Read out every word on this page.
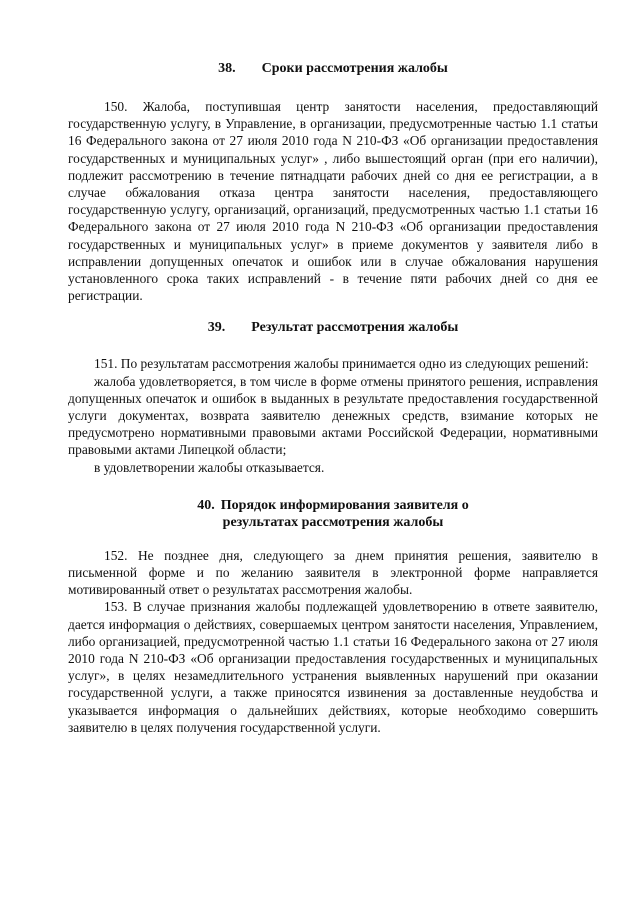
38. Сроки рассмотрения жалобы

150. Жалоба, поступившая центр занятости населения, предоставляющий государственную услугу, в Управление, в организации, предусмотренные частью 1.1 статьи 16 Федерального закона от 27 июля 2010 года N 210-ФЗ «Об организации предоставления государственных и муниципальных услуг» , либо вышестоящий орган (при его наличии), подлежит рассмотрению в течение пятнадцати рабочих дней со дня ее регистрации, а в случае обжалования отказа центра занятости населения, предоставляющего государственную услугу, организаций, организаций, предусмотренных частью 1.1 статьи 16 Федерального закона от 27 июля 2010 года N 210-ФЗ «Об организации предоставления государственных и муниципальных услуг» в приеме документов у заявителя либо в исправлении допущенных опечаток и ошибок или в случае обжалования нарушения установленного срока таких исправлений - в течение пяти рабочих дней со дня ее регистрации.

39. Результат рассмотрения жалобы

151. По результатам рассмотрения жалобы принимается одно из следующих решений:

жалоба удовлетворяется, в том числе в форме отмены принятого решения, исправления допущенных опечаток и ошибок в выданных в результате предоставления государственной услуги документах, возврата заявителю денежных средств, взимание которых не предусмотрено нормативными правовыми актами Российской Федерации, нормативными правовыми актами Липецкой области;

в удовлетворении жалобы отказывается.

40. Порядок информирования заявителя о

результатах рассмотрения жалобы

152. Не позднее дня, следующего за днем принятия решения, заявителю в письменной форме и по желанию заявителя в электронной форме направляется мотивированный ответ о результатах рассмотрения жалобы.

153. В случае признания жалобы подлежащей удовлетворению в ответе заявителю, дается информация о действиях, совершаемых центром занятости населения, Управлением, либо организацией, предусмотренной частью 1.1 статьи 16 Федерального закона от 27 июля 2010 года N 210-ФЗ «Об организации предоставления государственных и муниципальных услуг», в целях незамедлительного устранения выявленных нарушений при оказании государственной услуги, а также приносятся извинения за доставленные неудобства и указывается информация о дальнейших действиях, которые необходимо совершить заявителю в целях получения государственной услуги.
